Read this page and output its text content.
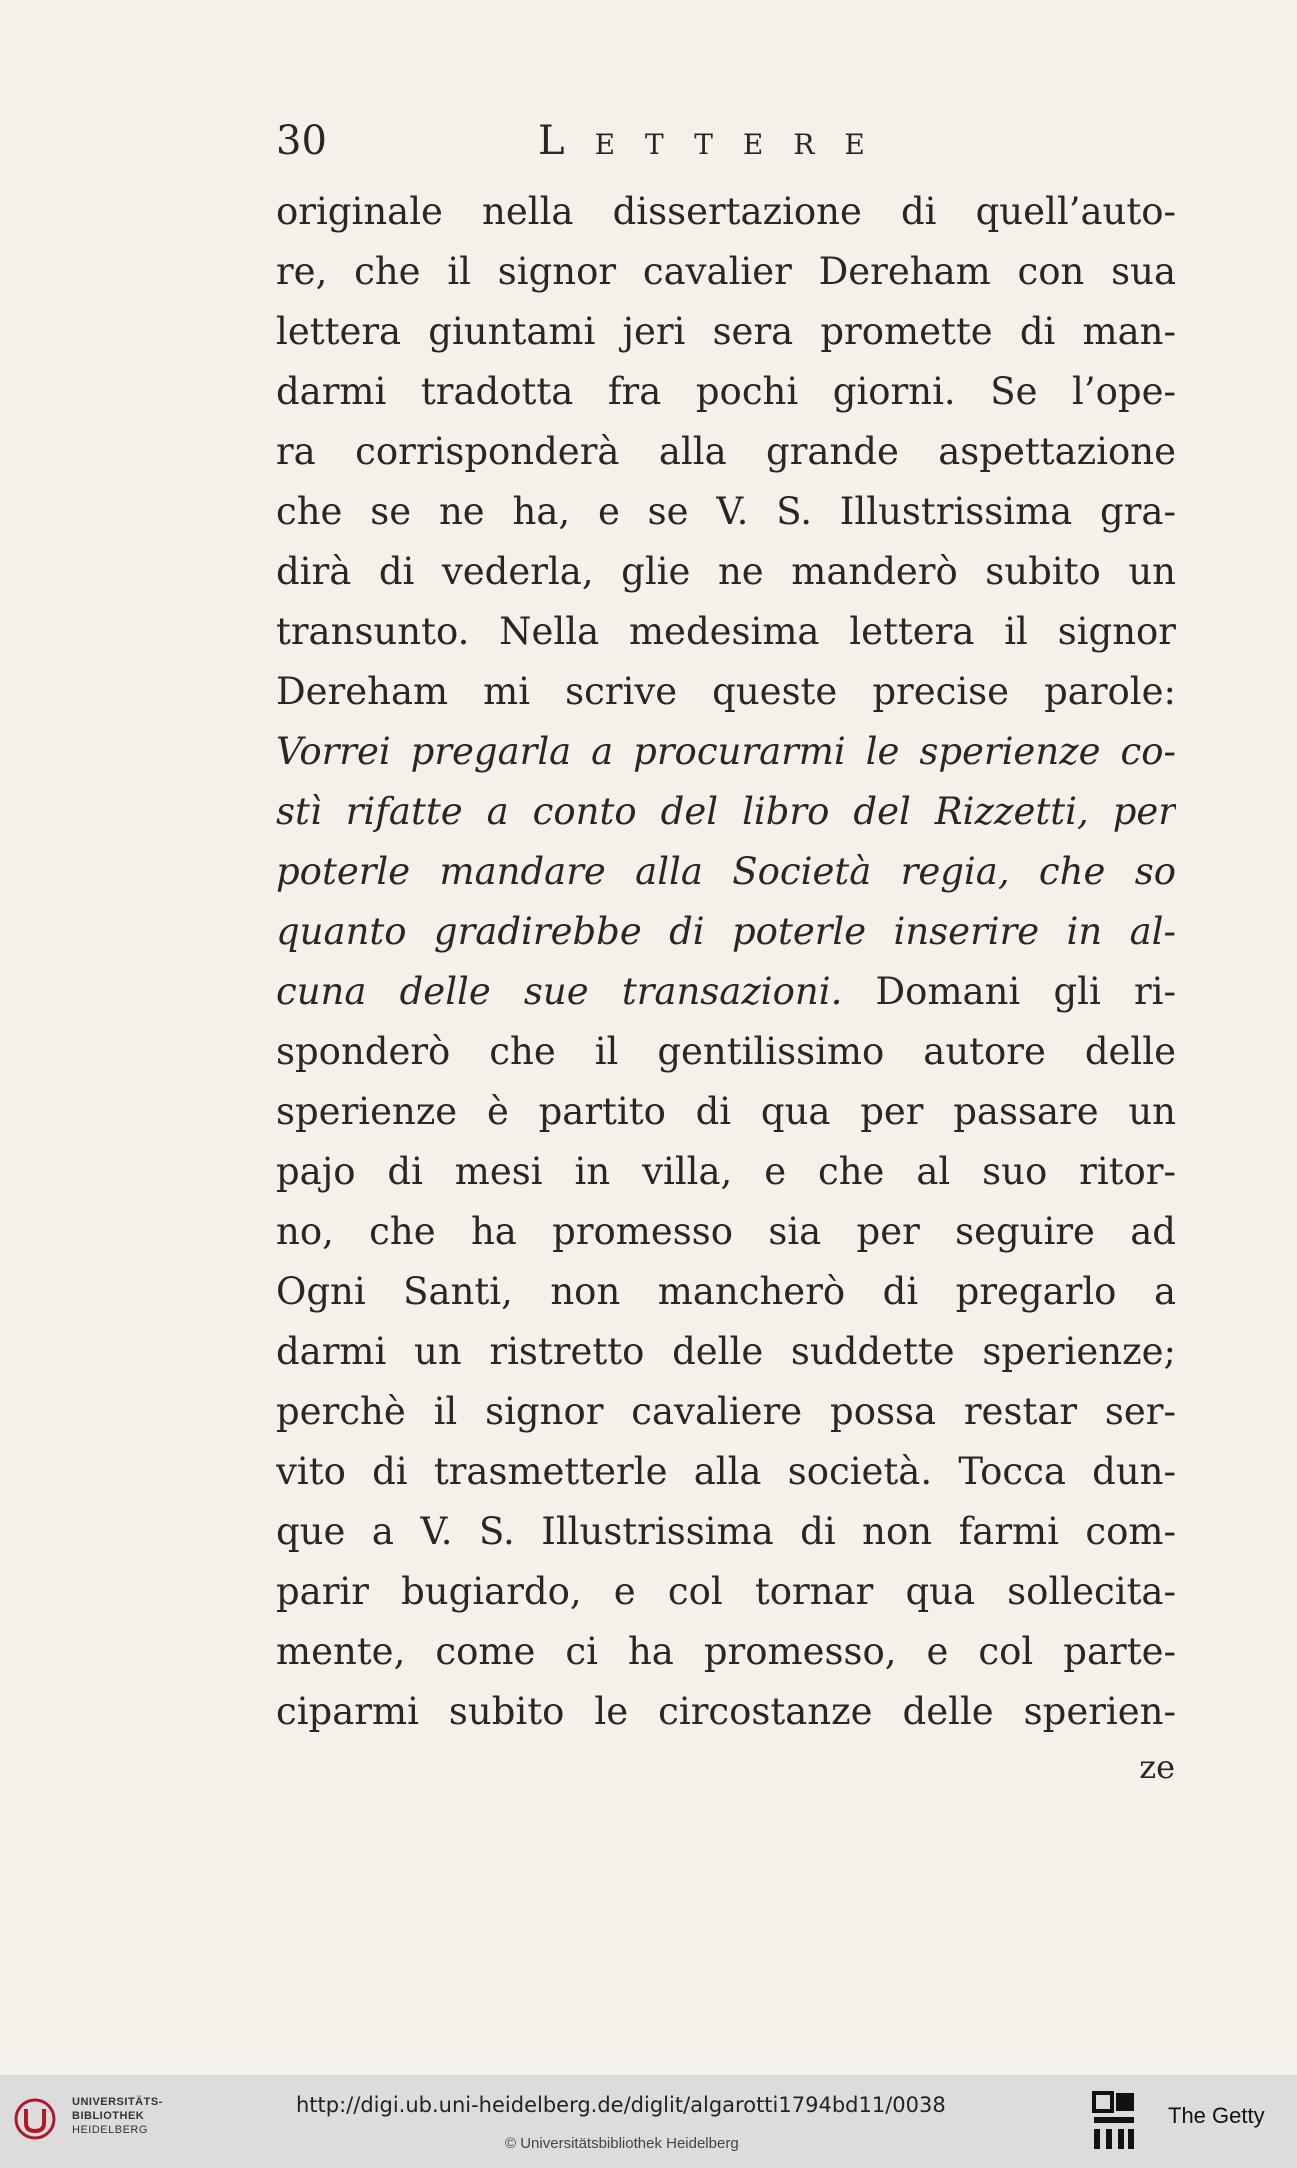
30	Lettere
originale nella dissertazione di quell’auto-
re, che il signor cavalier Dereham con sua
lettera giuntami jeri sera promette di man-
darmi tradotta fra pochi giorni. Se l’ope-
ra corrisponderà alla grande aspettazione
che se ne ha, e se V. S. Illustrissima gra-
dirà di vederla, glie ne manderò subito un
transunto. Nella medesima lettera il signor
Dereham mi scrive queste precise parole:
Vorrei pregarla a procurarmi le sperienze co-
stì rifatte a conto del libro del Rizzetti, per
poterle mandare alla Società regia, che so
quanto gradirebbe di poterle inserire in al-
cuna delle sue transazioni. Domani gli ri-
sponderò che il gentilissimo autore delle
sperienze è partito di qua per passare un
pajo di mesi in villa, e che al suo ritor-
no, che ha promesso sia per seguire ad
Ogni Santi, non mancherò di pregarlo a
darmi un ristretto delle suddette sperienze;
perchè il signor cavaliere possa restar ser-
vito di trasmetterle alla società. Tocca dun-
que a V. S. Illustrissima di non farmi com-
parir bugiardo, e col tornar qua sollecita-
mente, come ci ha promesso, e col parte-
ciparmi subito le circostanze delle sperien-
ze
UNIVERSITÄTS-
BIBLIOTHEK
HEIDELBERG
http://digi.ub.uni-heidelberg.de/diglit/algarotti1794bd11/0038
© Universitätsbibliothek Heidelberg
The Getty
